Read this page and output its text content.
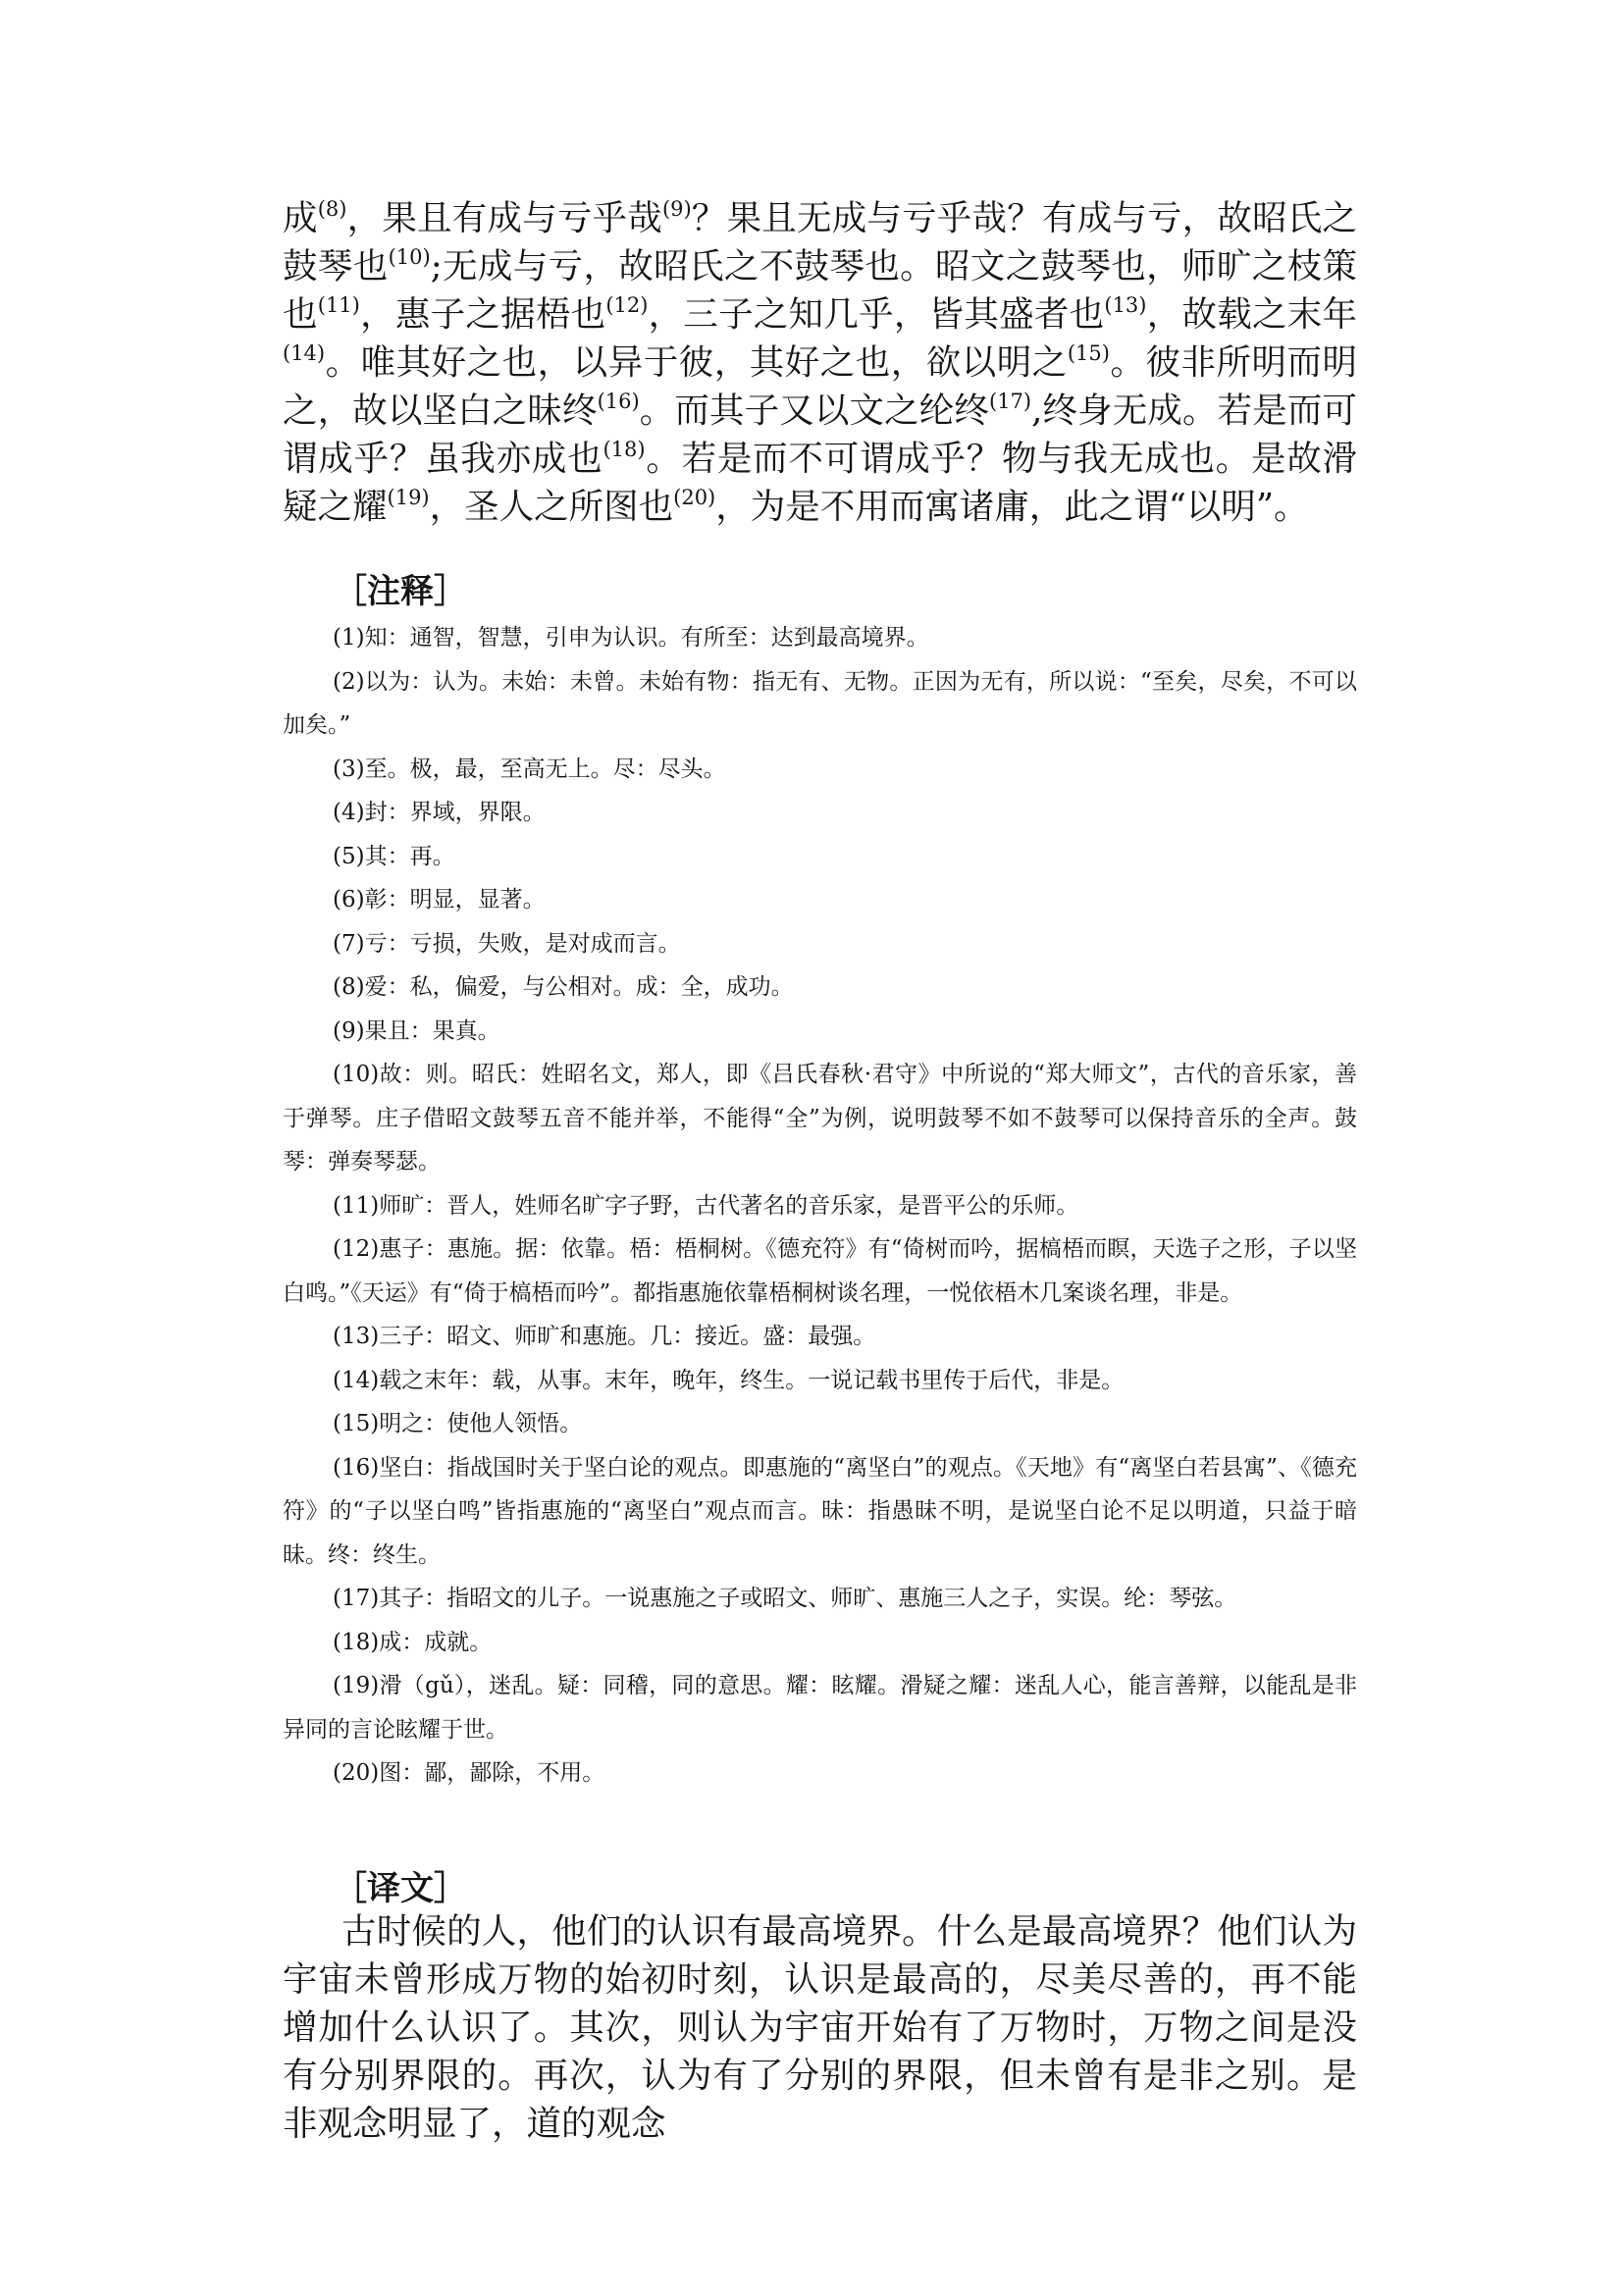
成$^{(8)}$，果且有成与亏乎哉$^{(9)}$？果且无成与亏乎哉？有成与亏，故昭氏之鼓琴也$^{(10)}$;无成与亏，故昭氏之不鼓琴也。昭文之鼓琴也，师旷之枝策也$^{(11)}$，惠子之据梧也$^{(12)}$，三子之知几乎，皆其盛者也$^{(13)}$，故载之末年$^{(14)}$。唯其好之也，以异于彼，其好之也，欲以明之$^{(15)}$。彼非所明而明之，故以坚白之昧终$^{(16)}$。而其子又以文之纶终$^{(17)}$,终身无成。若是而可谓成乎？虽我亦成也$^{(18)}$。若是而不可谓成乎？物与我无成也。是故滑疑之耀$^{(19)}$，圣人之所图也$^{(20)}$，为是不用而寓诸庸，此之谓“以明”。

［注释］

(1)知：通智，智慧，引申为认识。有所至：达到最高境界。

(2)以为：认为。未始：未曾。未始有物：指无有、无物。正因为无有，所以说：“至矣，尽矣，不可以加矣。”

(3)至。极，最，至高无上。尽：尽头。

(4)封：界域，界限。

(5)其：再。

(6)彰：明显，显著。

(7)亏：亏损，失败，是对成而言。

(8)爱：私，偏爱，与公相对。成：全，成功。

(9)果且：果真。

(10)故：则。昭氏：姓昭名文，郑人，即《吕氏春秋·君守》中所说的“郑大师文”，古代的音乐家，善于弹琴。庄子借昭文鼓琴五音不能并举，不能得“全”为例，说明鼓琴不如不鼓琴可以保持音乐的全声。鼓琴：弹奏琴瑟。

(11)师旷：晋人，姓师名旷字子野，古代著名的音乐家，是晋平公的乐师。

(12)惠子：惠施。据：依靠。梧：梧桐树。《德充符》有“倚树而吟，据槁梧而瞑，天选子之形，子以坚白鸣。”《天运》有“倚于槁梧而吟”。都指惠施依靠梧桐树谈名理，一悦依梧木几案谈名理，非是。

(13)三子：昭文、师旷和惠施。几：接近。盛：最强。

(14)载之末年：载，从事。末年，晚年，终生。一说记载书里传于后代，非是。

(15)明之：使他人领悟。

(16)坚白：指战国时关于坚白论的观点。即惠施的“离坚白”的观点。《天地》有“离坚白若县寓”、《德充符》的“子以坚白鸣”皆指惠施的“离坚白”观点而言。昧：指愚昧不明，是说坚白论不足以明道，只益于暗昧。终：终生。

(17)其子：指昭文的儿子。一说惠施之子或昭文、师旷、惠施三人之子，实误。纶：琴弦。

(18)成：成就。

(19)滑（gǔ），迷乱。疑：同稽，同的意思。耀：眩耀。滑疑之耀：迷乱人心，能言善辩，以能乱是非异同的言论眩耀于世。

(20)图：鄙，鄙除，不用。

［译文］

古时候的人，他们的认识有最高境界。什么是最高境界？他们认为宇宙未曾形成万物的始初时刻，认识是最高的，尽美尽善的，再不能增加什么认识了。其次，则认为宇宙开始有了万物时，万物之间是没有分别界限的。再次，认为有了分别的界限，但未曾有是非之别。是非观念明显了，道的观念
